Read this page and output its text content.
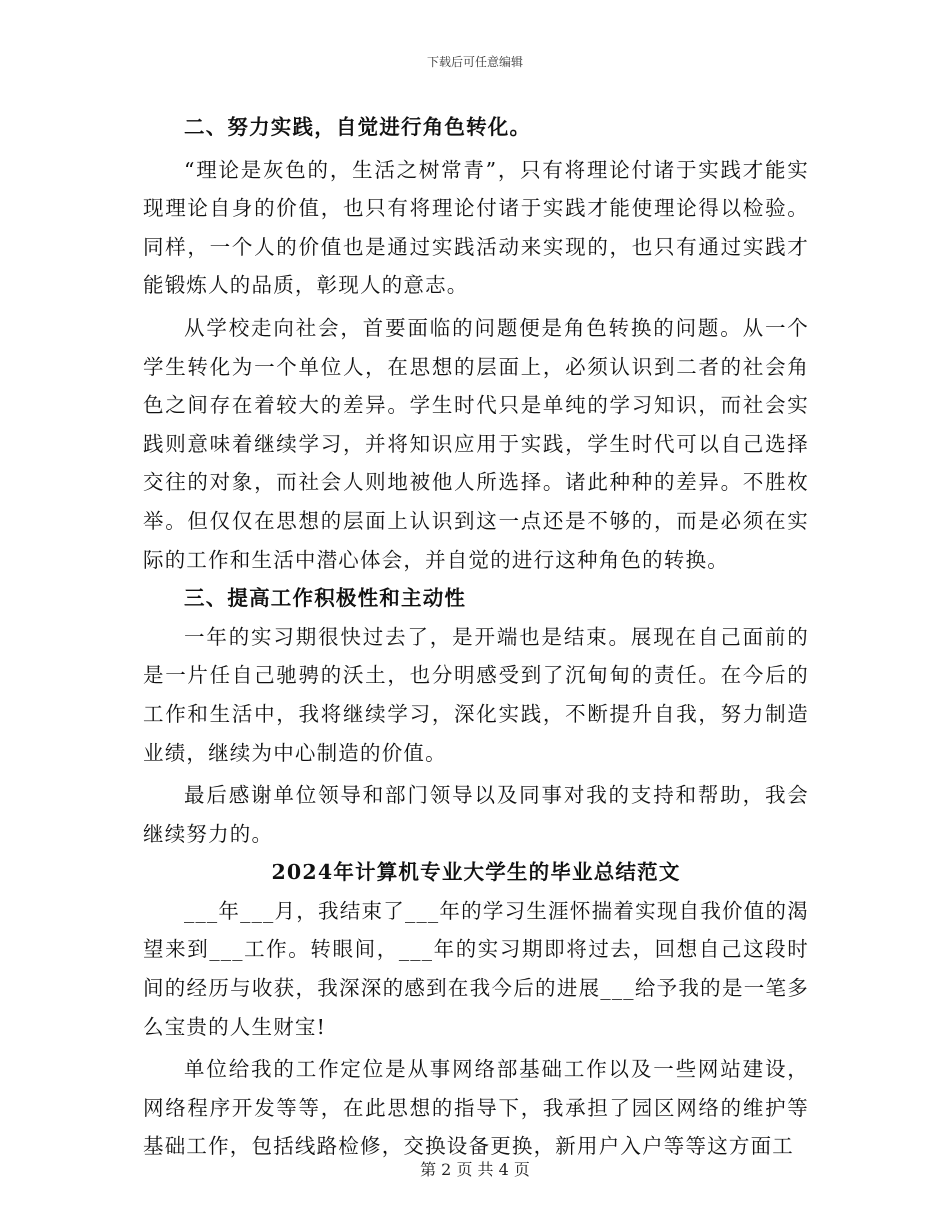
下载后可任意编辑
二、努力实践，自觉进行角色转化。

“理论是灰色的，生活之树常青”，只有将理论付诸于实践才能实现理论自身的价值，也只有将理论付诸于实践才能使理论得以检验。同样，一个人的价值也是通过实践活动来实现的，也只有通过实践才能锻炼人的品质，彰现人的意志。

从学校走向社会，首要面临的问题便是角色转换的问题。从一个学生转化为一个单位人，在思想的层面上，必须认识到二者的社会角色之间存在着较大的差异。学生时代只是单纯的学习知识，而社会实践则意味着继续学习，并将知识应用于实践，学生时代可以自己选择交往的对象，而社会人则地被他人所选择。诸此种种的差异。不胜枚举。但仅仅在思想的层面上认识到这一点还是不够的，而是必须在实际的工作和生活中潜心体会，并自觉的进行这种角色的转换。

三、提高工作积极性和主动性

一年的实习期很快过去了，是开端也是结束。展现在自己面前的是一片任自己驰骋的沃土，也分明感受到了沉甸甸的责任。在今后的工作和生活中，我将继续学习，深化实践，不断提升自我，努力制造业绩，继续为中心制造的价值。

最后感谢单位领导和部门领导以及同事对我的支持和帮助，我会继续努力的。

2024年计算机专业大学生的毕业总结范文

___年___月，我结束了___年的学习生涯怀揣着实现自我价值的渴望来到___工作。转眼间，___年的实习期即将过去，回想自己这段时间的经历与收获，我深深的感到在我今后的进展___给予我的是一笔多么宝贵的人生财宝!

单位给我的工作定位是从事网络部基础工作以及一些网站建设，网络程序开发等等，在此思想的指导下，我承担了园区网络的维护等基础工作，包括线路检修，交换设备更换，新用户入户等等这方面工

第 2 页 共 4 页
